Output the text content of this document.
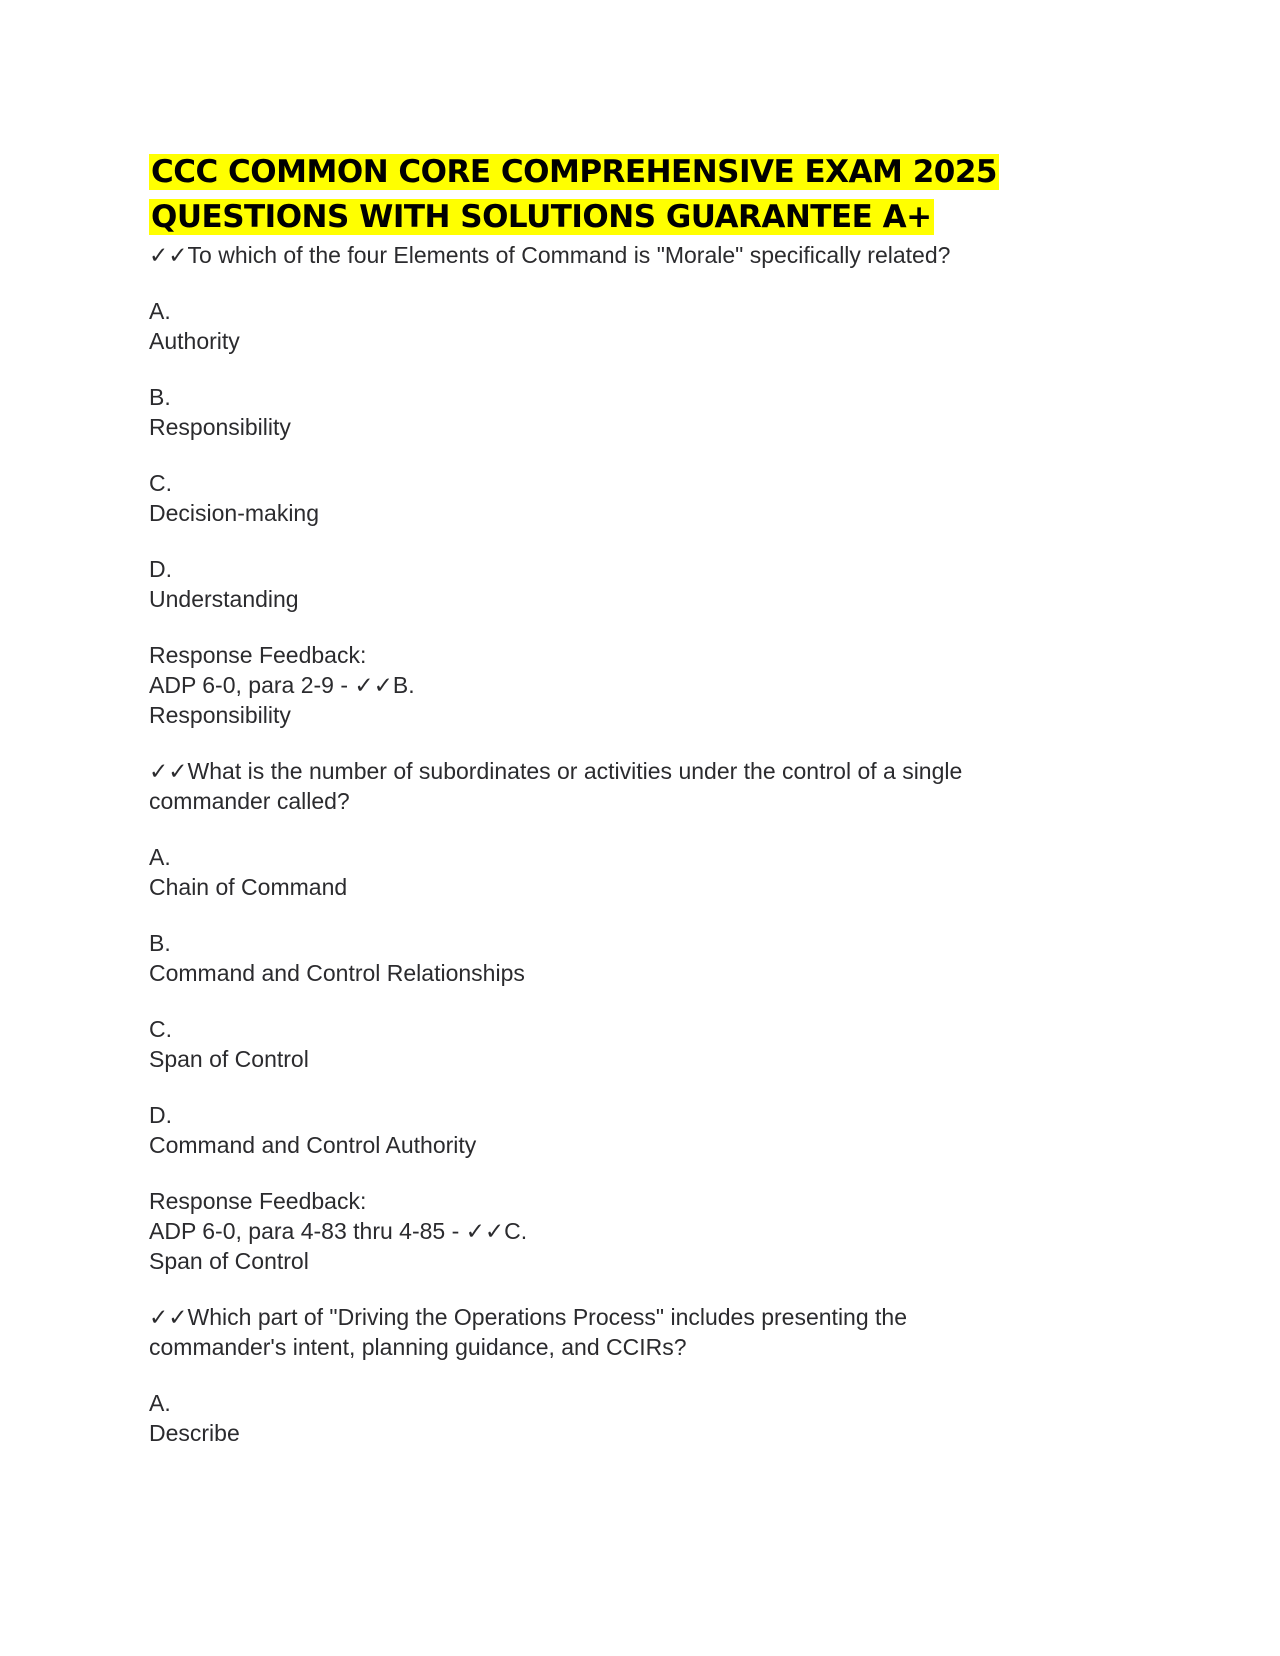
CCC COMMON CORE COMPREHENSIVE EXAM 2025
QUESTIONS WITH SOLUTIONS GUARANTEE A+
✓✓To which of the four Elements of Command is "Morale" specifically related?
A.
Authority
B.
Responsibility
C.
Decision-making
D.
Understanding
Response Feedback:
ADP 6-0, para 2-9 - ✓✓B.
Responsibility
✓✓What is the number of subordinates or activities under the control of a single
commander called?
A.
Chain of Command
B.
Command and Control Relationships
C.
Span of Control
D.
Command and Control Authority
Response Feedback:
ADP 6-0, para 4-83 thru 4-85 - ✓✓C.
Span of Control
✓✓Which part of "Driving the Operations Process" includes presenting the
commander's intent, planning guidance, and CCIRs?
A.
Describe
